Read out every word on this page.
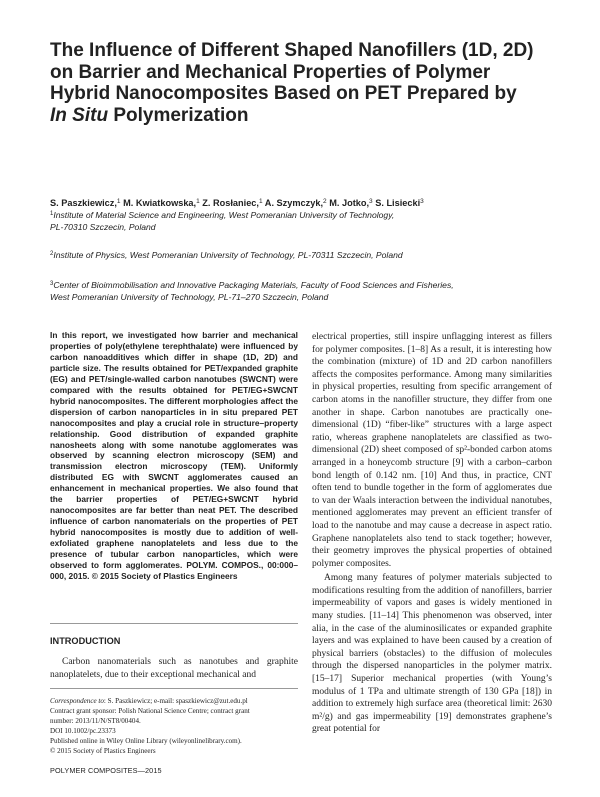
The Influence of Different Shaped Nanofillers (1D, 2D)
on Barrier and Mechanical Properties of Polymer
Hybrid Nanocomposites Based on PET Prepared by
In Situ Polymerization
S. Paszkiewicz,$^1$ M. Kwiatkowska,$^1$ Z. Rosłaniec,$^1$ A. Szymczyk,$^2$ M. Jotko,$^3$ S. Lisiecki$^3$
$^1$Institute of Material Science and Engineering, West Pomeranian University of Technology,
PL-70310 Szczecin, Poland
$^2$Institute of Physics, West Pomeranian University of Technology, PL-70311 Szczecin, Poland
$^3$Center of Bioimmobilisation and Innovative Packaging Materials, Faculty of Food Sciences and Fisheries,
West Pomeranian University of Technology, PL-71–270 Szczecin, Poland

In this report, we investigated how barrier and mechanical properties of poly(ethylene terephthalate) were influenced by carbon nanoadditives which differ in shape (1D, 2D) and particle size. The results obtained for PET/expanded graphite (EG) and PET/single-walled carbon nanotubes (SWCNT) were compared with the results obtained for PET/EG+SWCNT hybrid nanocomposites. The different morphologies affect the dispersion of carbon nanoparticles in in situ prepared PET nanocomposites and play a crucial role in structure–property relationship. Good distribution of expanded graphite nanosheets along with some nanotube agglomerates was observed by scanning electron microscopy (SEM) and transmission electron microscopy (TEM). Uniformly distributed EG with SWCNT agglomerates caused an enhancement in mechanical properties. We also found that the barrier properties of PET/EG+SWCNT hybrid nanocomposites are far better than neat PET. The described influence of carbon nanomaterials on the properties of PET hybrid nanocomposites is mostly due to addition of well-exfoliated graphene nanoplatelets and less due to the presence of tubular carbon nanoparticles, which were observed to form agglomerates. POLYM. COMPOS., 00:000–000, 2015. © 2015 Society of Plastics Engineers

INTRODUCTION

Carbon nanomaterials such as nanotubes and graphite nanoplatelets, due to their exceptional mechanical and

Correspondence to: S. Paszkiewicz; e-mail: spaszkiewicz@zut.edu.pl
Contract grant sponsor: Polish National Science Centre; contract grant
number: 2013/11/N/ST8/00404.
DOI 10.1002/pc.23373
Published online in Wiley Online Library (wileyonlinelibrary.com).
© 2015 Society of Plastics Engineers

electrical properties, still inspire unflagging interest as fillers for polymer composites. [1–8] As a result, it is interesting how the combination (mixture) of 1D and 2D carbon nanofillers affects the composites performance. Among many similarities in physical properties, resulting from specific arrangement of carbon atoms in the nanofiller structure, they differ from one another in shape. Carbon nanotubes are practically one-dimensional (1D) “fiber-like” structures with a large aspect ratio, whereas graphene nanoplatelets are classified as two-dimensional (2D) sheet composed of sp²-bonded carbon atoms arranged in a honeycomb structure [9] with a carbon–carbon bond length of 0.142 nm. [10] And thus, in practice, CNT often tend to bundle together in the form of agglomerates due to van der Waals interaction between the individual nanotubes, mentioned agglomerates may prevent an efficient transfer of load to the nanotube and may cause a decrease in aspect ratio. Graphene nanoplatelets also tend to stack together; however, their geometry improves the physical properties of obtained polymer composites.

Among many features of polymer materials subjected to modifications resulting from the addition of nanofillers, barrier impermeability of vapors and gases is widely mentioned in many studies. [11–14] This phenomenon was observed, inter alia, in the case of the aluminosilicates or expanded graphite layers and was explained to have been caused by a creation of physical barriers (obstacles) to the diffusion of molecules through the dispersed nanoparticles in the polymer matrix. [15–17] Superior mechanical properties (with Young’s modulus of 1 TPa and ultimate strength of 130 GPa [18]) in addition to extremely high surface area (theoretical limit: 2630 m²/g) and gas impermeability [19] demonstrates graphene’s great potential for

POLYMER COMPOSITES—2015
